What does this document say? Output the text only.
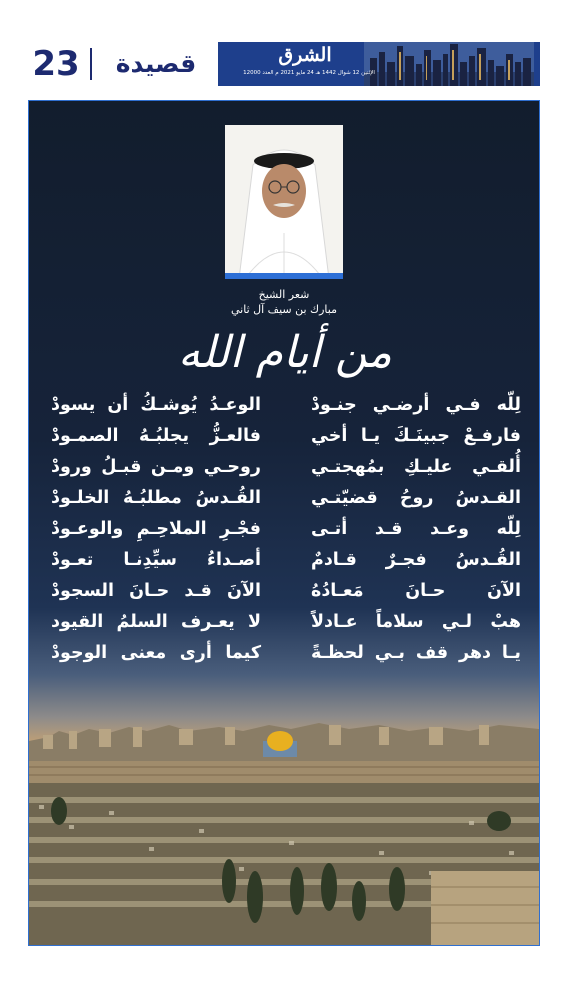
23	قصيدة	الشرق
الإثنين 12 شوال 1442 هـ 24 مايو 2021 م العدد 12000
شعر الشيخ
مبارك بن سيف آل ثاني
من أيام الله
لِلّه فـي أرضـي جنـودْ
الوعـدُ يُوشـكُ أن يسودْ
فارفـعْ جبينَـكَ يـا أخي
فالعـزُّ يجلبُـهُ الصمـودْ
أُلقـي عليـكِ بمُهجتـي
روحـي ومـن قبـلُ ورودْ
القـدسُ روحُ قضيّتـي
القُـدسُ مطلبُـهُ الخلـودْ
لِلّه وعـد قـد أتـى
فجْـرِ الملاحِـمِ والوعـودْ
القُـدسُ فجـرٌ قـادمٌ
أصـداءُ سيِّدِنـا تعـودْ
الآنَ حـانَ مَعـادُهُ
الآنَ قـد حـانَ السجودْ
هبْ لـي سلاماً عـادلاً
لا يعـرف السلمُ القيود
يـا دهر قف بـي لحظـةً
كيما أرى معنى الوجودْ
